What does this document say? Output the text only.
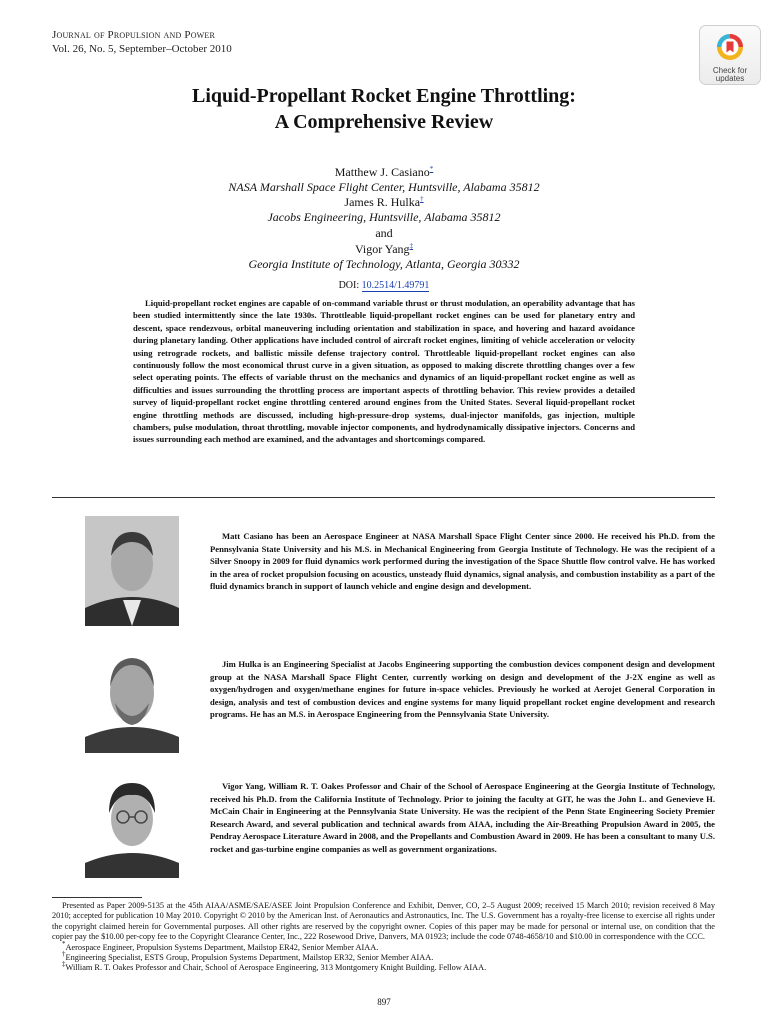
Journal of Propulsion and Power
Vol. 26, No. 5, September–October 2010
Check for
updates
Liquid-Propellant Rocket Engine Throttling:
A Comprehensive Review
Matthew J. Casiano*
NASA Marshall Space Flight Center, Huntsville, Alabama 35812
James R. Hulka†
Jacobs Engineering, Huntsville, Alabama 35812
and
Vigor Yang‡
Georgia Institute of Technology, Atlanta, Georgia 30332
DOI: 10.2514/1.49791
Liquid-propellant rocket engines are capable of on-command variable thrust or thrust modulation, an operability advantage that has been studied intermittently since the late 1930s. Throttleable liquid-propellant rocket engines can be used for planetary entry and descent, space rendezvous, orbital maneuvering including orientation and stabilization in space, and hovering and hazard avoidance during planetary landing. Other applications have included control of aircraft rocket engines, limiting of vehicle acceleration or velocity using retrograde rockets, and ballistic missile defense trajectory control. Throttleable liquid-propellant rocket engines can also continuously follow the most economical thrust curve in a given situation, as opposed to making discrete throttling changes over a few select operating points. The effects of variable thrust on the mechanics and dynamics of an liquid-propellant rocket engine as well as difficulties and issues surrounding the throttling process are important aspects of throttling behavior. This review provides a detailed survey of liquid-propellant rocket engine throttling centered around engines from the United States. Several liquid-propellant rocket engine throttling methods are discussed, including high-pressure-drop systems, dual-injector manifolds, gas injection, multiple chambers, pulse modulation, throat throttling, movable injector components, and hydrodynamically dissipative injectors. Concerns and issues surrounding each method are examined, and the advantages and shortcomings compared.
Matt Casiano has been an Aerospace Engineer at NASA Marshall Space Flight Center since 2000. He received his Ph.D. from the Pennsylvania State University and his M.S. in Mechanical Engineering from Georgia Institute of Technology. He was the recipient of a Silver Snoopy in 2009 for fluid dynamics work performed during the investigation of the Space Shuttle flow control valve. He has worked in the area of rocket propulsion focusing on acoustics, unsteady fluid dynamics, signal analysis, and combustion instability as a part of the fluid dynamics branch in support of launch vehicle and engine design and development.
Jim Hulka is an Engineering Specialist at Jacobs Engineering supporting the combustion devices component design and development group at the NASA Marshall Space Flight Center, currently working on design and development of the J-2X engine as well as oxygen/hydrogen and oxygen/methane engines for future in-space vehicles. Previously he worked at Aerojet General Corporation in design, analysis and test of combustion devices and engine systems for many liquid propellant rocket engine development and research programs. He has an M.S. in Aerospace Engineering from the Pennsylvania State University.
Vigor Yang, William R. T. Oakes Professor and Chair of the School of Aerospace Engineering at the Georgia Institute of Technology, received his Ph.D. from the California Institute of Technology. Prior to joining the faculty at GIT, he was the John L. and Genevieve H. McCain Chair in Engineering at the Pennsylvania State University. He was the recipient of the Penn State Engineering Society Premier Research Award, and several publication and technical awards from AIAA, including the Air-Breathing Propulsion Award in 2005, the Pendray Aerospace Literature Award in 2008, and the Propellants and Combustion Award in 2009. He has been a consultant to many U.S. rocket and gas-turbine engine companies as well as government organizations.

Presented as Paper 2009-5135 at the 45th AIAA/ASME/SAE/ASEE Joint Propulsion Conference and Exhibit, Denver, CO, 2–5 August 2009; received 15 March 2010; revision received 8 May 2010; accepted for publication 10 May 2010. Copyright © 2010 by the American Inst. of Aeronautics and Astronautics, Inc. The U.S. Government has a royalty-free license to exercise all rights under the copyright claimed herein for Governmental purposes. All other rights are reserved by the copyright owner. Copies of this paper may be made for personal or internal use, on condition that the copier pay the $10.00 per-copy fee to the Copyright Clearance Center, Inc., 222 Rosewood Drive, Danvers, MA 01923; include the code 0748-4658/10 and $10.00 in correspondence with the CCC.

*Aerospace Engineer, Propulsion Systems Department, Mailstop ER42, Senior Member AIAA.

†Engineering Specialist, ESTS Group, Propulsion Systems Department, Mailstop ER32, Senior Member AIAA.

‡William R. T. Oakes Professor and Chair, School of Aerospace Engineering, 313 Montgomery Knight Building. Fellow AIAA.

897
